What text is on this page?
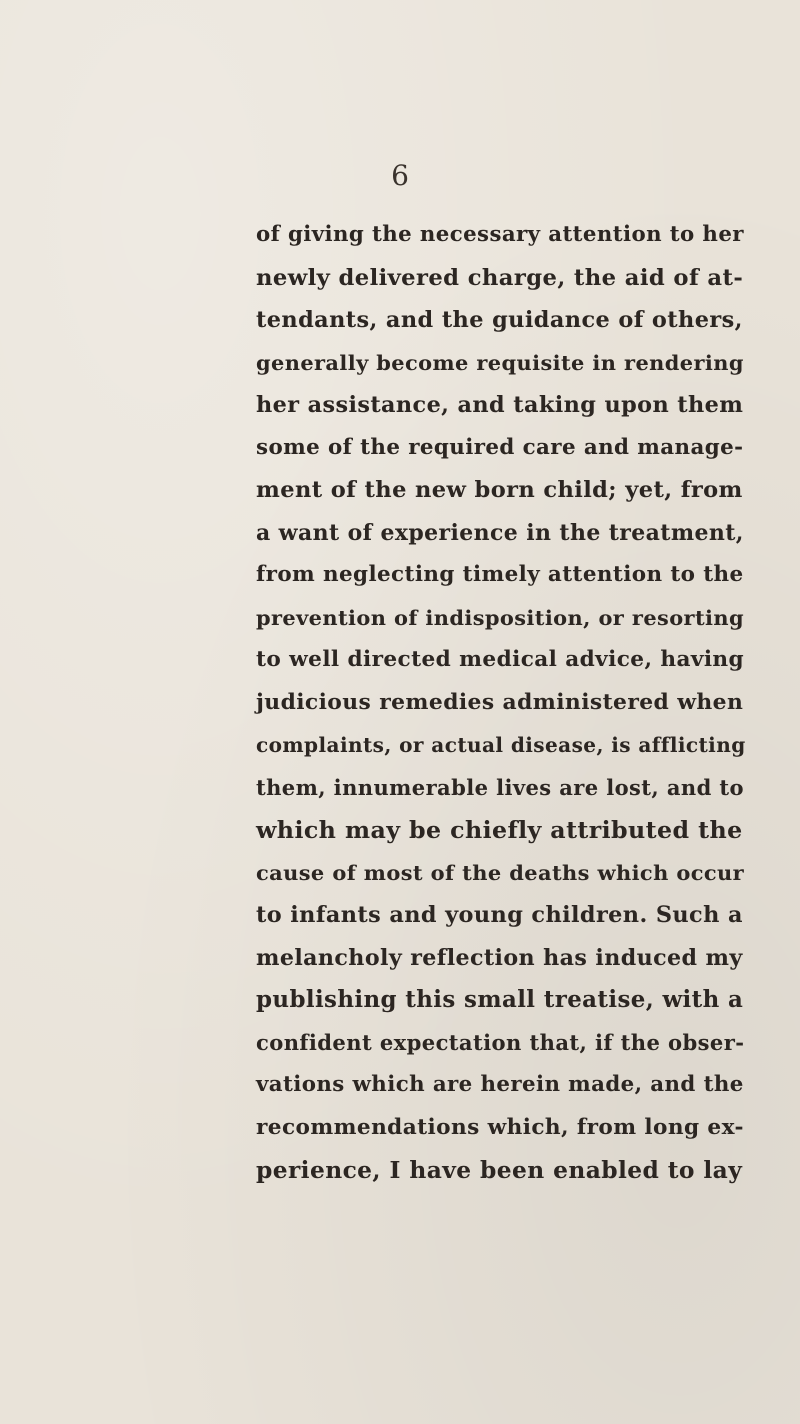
6
of giving the necessary attention to her
newly delivered charge, the aid of at-
tendants, and the guidance of others,
generally become requisite in rendering
her assistance, and taking upon them
some of the required care and manage-
ment of the new born child; yet, from
a want of experience in the treatment,
from neglecting timely attention to the
prevention of indisposition, or resorting
to well directed medical advice, having
judicious remedies administered when
complaints, or actual disease, is afflicting
them, innumerable lives are lost, and to
which may be chiefly attributed the
cause of most of the deaths which occur
to infants and young children. Such a
melancholy reflection has induced my
publishing this small treatise, with a
confident expectation that, if the obser-
vations which are herein made, and the
recommendations which, from long ex-
perience, I have been enabled to lay
